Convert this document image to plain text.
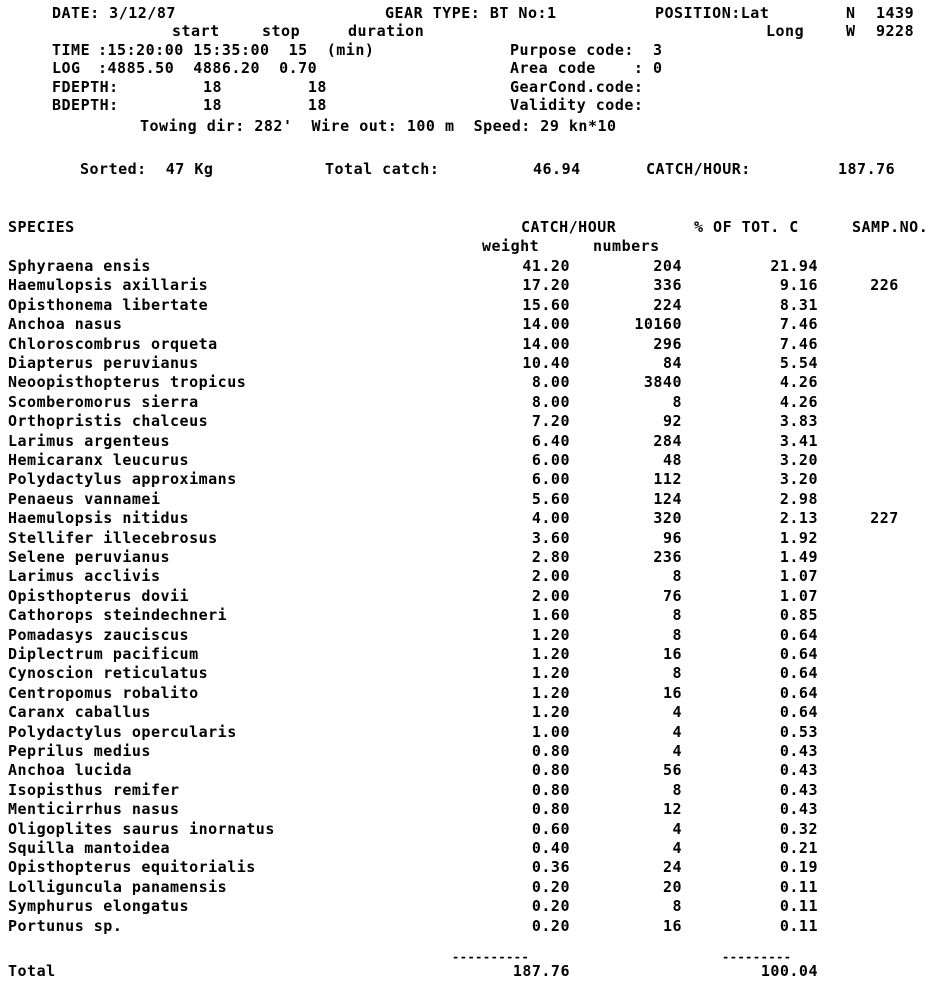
DATE: 3/12/87	GEAR TYPE: BT No:1	POSITION:Lat	N 1439
start	stop	duration	Long	W 9228
TIME :15:20:00 15:35:00  15  (min)	Purpose code:  3
LOG :4885.50  4886.20  0.70	Area code    : 0
FDEPTH:	18         18	GearCond.code:
BDEPTH:	18         18	Validity code:
Towing dir: 282'  Wire out: 100 m  Speed: 29 kn*10
Sorted:  47 Kg	Total catch:	46.94	CATCH/HOUR:	187.76
SPECIES	CATCH/HOUR	% OF TOT. C	SAMP.NO.
weight	numbers
Sphyraena ensis	41.20	204	21.94
Haemulopsis axillaris	17.20	336	9.16	226
Opisthonema libertate	15.60	224	8.31
Anchoa nasus	14.00	10160	7.46
Chloroscombrus orqueta	14.00	296	7.46
Diapterus peruvianus	10.40	84	5.54
Neoopisthopterus tropicus	8.00	3840	4.26
Scomberomorus sierra	8.00	8	4.26
Orthopristis chalceus	7.20	92	3.83
Larimus argenteus	6.40	284	3.41
Hemicaranx leucurus	6.00	48	3.20
Polydactylus approximans	6.00	112	3.20
Penaeus vannamei	5.60	124	2.98
Haemulopsis nitidus	4.00	320	2.13	227
Stellifer illecebrosus	3.60	96	1.92
Selene peruvianus	2.80	236	1.49
Larimus acclivis	2.00	8	1.07
Opisthopterus dovii	2.00	76	1.07
Cathorops steindechneri	1.60	8	0.85
Pomadasys zauciscus	1.20	8	0.64
Diplectrum pacificum	1.20	16	0.64
Cynoscion reticulatus	1.20	8	0.64
Centropomus robalito	1.20	16	0.64
Caranx caballus	1.20	4	0.64
Polydactylus opercularis	1.00	4	0.53
Peprilus medius	0.80	4	0.43
Anchoa lucida	0.80	56	0.43
Isopisthus remifer	0.80	8	0.43
Menticirrhus nasus	0.80	12	0.43
Oligoplites saurus inornatus	0.60	4	0.32
Squilla mantoidea	0.40	4	0.21
Opisthopterus equitorialis	0.36	24	0.19
Lolliguncula panamensis	0.20	20	0.11
Symphurus elongatus	0.20	8	0.11
Portunus sp.	0.20	16	0.11
----------	---------
Total	187.76	100.04
